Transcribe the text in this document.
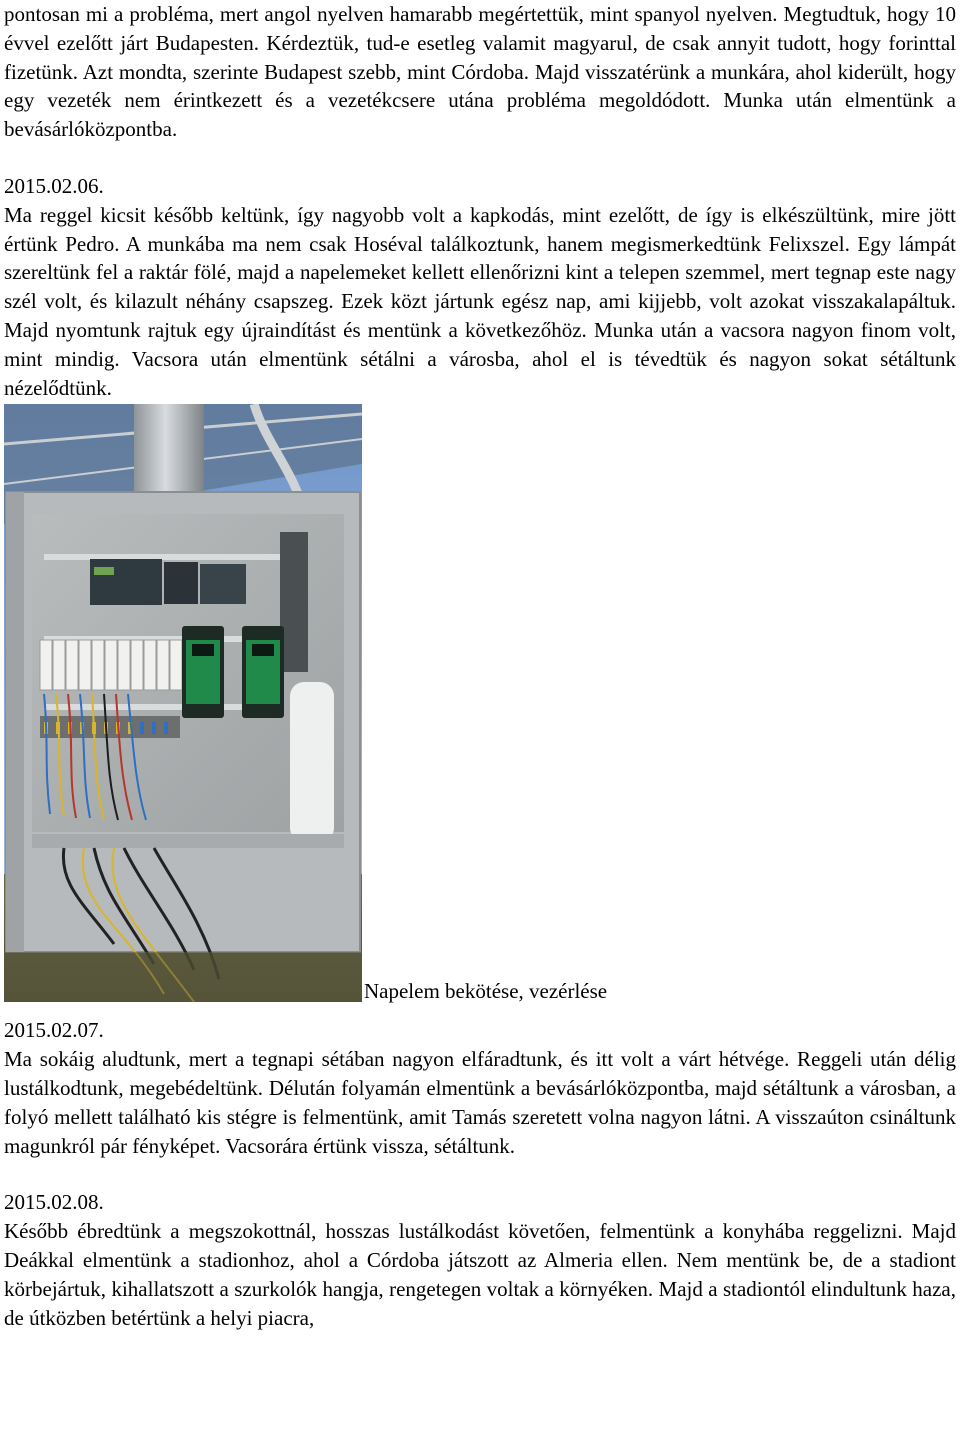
pontosan mi a probléma, mert angol nyelven hamarabb megértettük, mint spanyol nyelven. Megtudtuk, hogy 10 évvel ezelőtt járt Budapesten. Kérdeztük, tud-e esetleg valamit magyarul, de csak annyit tudott, hogy forinttal fizetünk. Azt mondta, szerinte Budapest szebb, mint Córdoba. Majd visszatérünk a munkára, ahol kiderült, hogy egy vezeték nem érintkezett és a vezetékcsere utána probléma megoldódott. Munka után elmentünk a bevásárlóközpontba.

2015.02.06.

Ma reggel kicsit később keltünk, így nagyobb volt a kapkodás, mint ezelőtt, de így is elkészültünk, mire jött értünk Pedro. A munkába ma nem csak Hoséval találkoztunk, hanem megismerkedtünk Felixszel. Egy lámpát szereltünk fel a raktár fölé, majd a napelemeket kellett ellenőrizni kint a telepen szemmel, mert tegnap este nagy szél volt, és kilazult néhány csapszeg. Ezek közt jártunk egész nap, ami kijjebb, volt azokat visszakalapáltuk. Majd nyomtunk rajtuk egy újraindítást és mentünk a következőhöz. Munka után a vacsora nagyon finom volt, mint mindig. Vacsora után elmentünk sétálni a városba, ahol el is tévedtük és nagyon sokat sétáltunk nézelődtünk.

Napelem bekötése, vezérlése

2015.02.07.

Ma sokáig aludtunk, mert a tegnapi sétában nagyon elfáradtunk, és itt volt a várt hétvége. Reggeli után délig lustálkodtunk, megebédeltünk. Délután folyamán elmentünk a bevásárlóközpontba, majd sétáltunk a városban, a folyó mellett található kis stégre is felmentünk, amit Tamás szeretett volna nagyon látni. A visszaúton csináltunk magunkról pár fényképet. Vacsorára értünk vissza, sétáltunk.

2015.02.08.

Később ébredtünk a megszokottnál, hosszas lustálkodást követően, felmentünk a konyhába reggelizni. Majd Deákkal elmentünk a stadionhoz, ahol a Córdoba játszott az Almeria ellen. Nem mentünk be, de a stadiont körbejártuk, kihallatszott a szurkolók hangja, rengetegen voltak a környéken. Majd a stadiontól elindultunk haza, de útközben betértünk a helyi piacra,
